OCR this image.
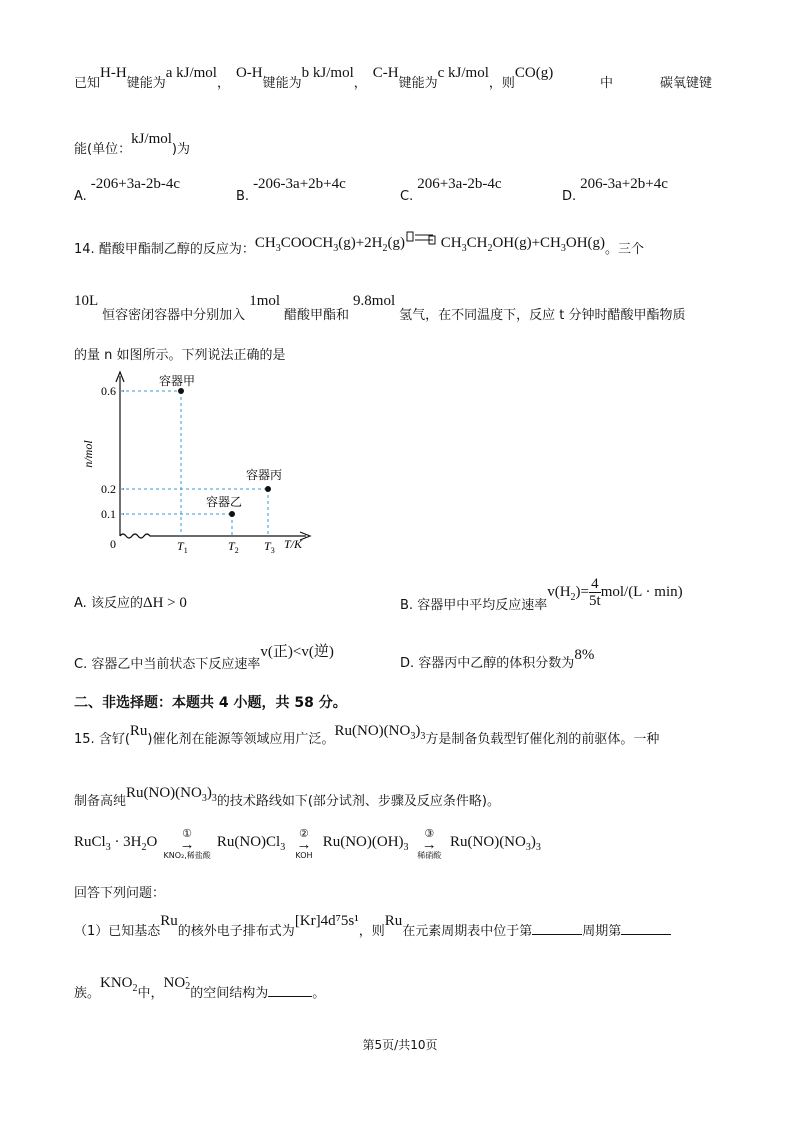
已知H-H键能为a kJ/mol，O-H键能为b kJ/mol，C-H键能为c kJ/mol，则CO(g)
中	碳氧键键
能(单位：kJ/mol)为
A.-206+3a-2b-4c
B.-206-3a+2b+4c
C.206+3a-2b-4c
D.206-3a+2b+4c
14. 醋酸甲酯制乙醇的反应为：$CH_3COOCH_3(g)+2H_2(g)\rightleftharpoons$ $CH_3CH_2OH(g)+CH_3OH(g)$。三个
10L恒容密闭容器中分别加入1mol醋酸甲酯和9.8mol氢气，在不同温度下，反应 t 分钟时醋酸甲酯物质
的量 n 如图所示。下列说法正确的是
0
n/mol
T/K
0.6
0.2
0.1
$T_1$	$T_2$ $T_3$
容器甲
容器乙
容器丙
A. 该反应的ΔH > 0	B. 容器甲中平均反应速率$v(H_2)= \frac{4}{5t} mol/(L \cdot \min)$
C. 容器乙中当前状态下反应速率v(正)<v(逆)
D. 容器丙中乙醇的体积分数为8%
二、非选择题：本题共 4 小题，共 58 分。
15. 含钌(Ru)催化剂在能源等领域应用广泛。$Ru(NO)(NO_3)_3$方是制备负载型钌催化剂的前驱体。一种
制备高纯$Ru(NO)(NO_3)_3$的技术路线如下(部分试剂、步骤及反应条件略)。
RuCl$_3$ · $3H_2O$	①
→
KNO₂,稀盐酸
$Ru(NO)Cl_3$
②
→
KOH
$Ru(NO)(OH)_3$
③
→
稀硝酸
$Ru(NO)(NO_3)_3$
回答下列问题：
（1）已知基态Ru的核外电子排布式为[Kr]4d⁷5s¹，则Ru在元素周期表中位于第	周期第
族。$KNO_2$中，NO -
2 的空间结构为	。
第5页/共10页
